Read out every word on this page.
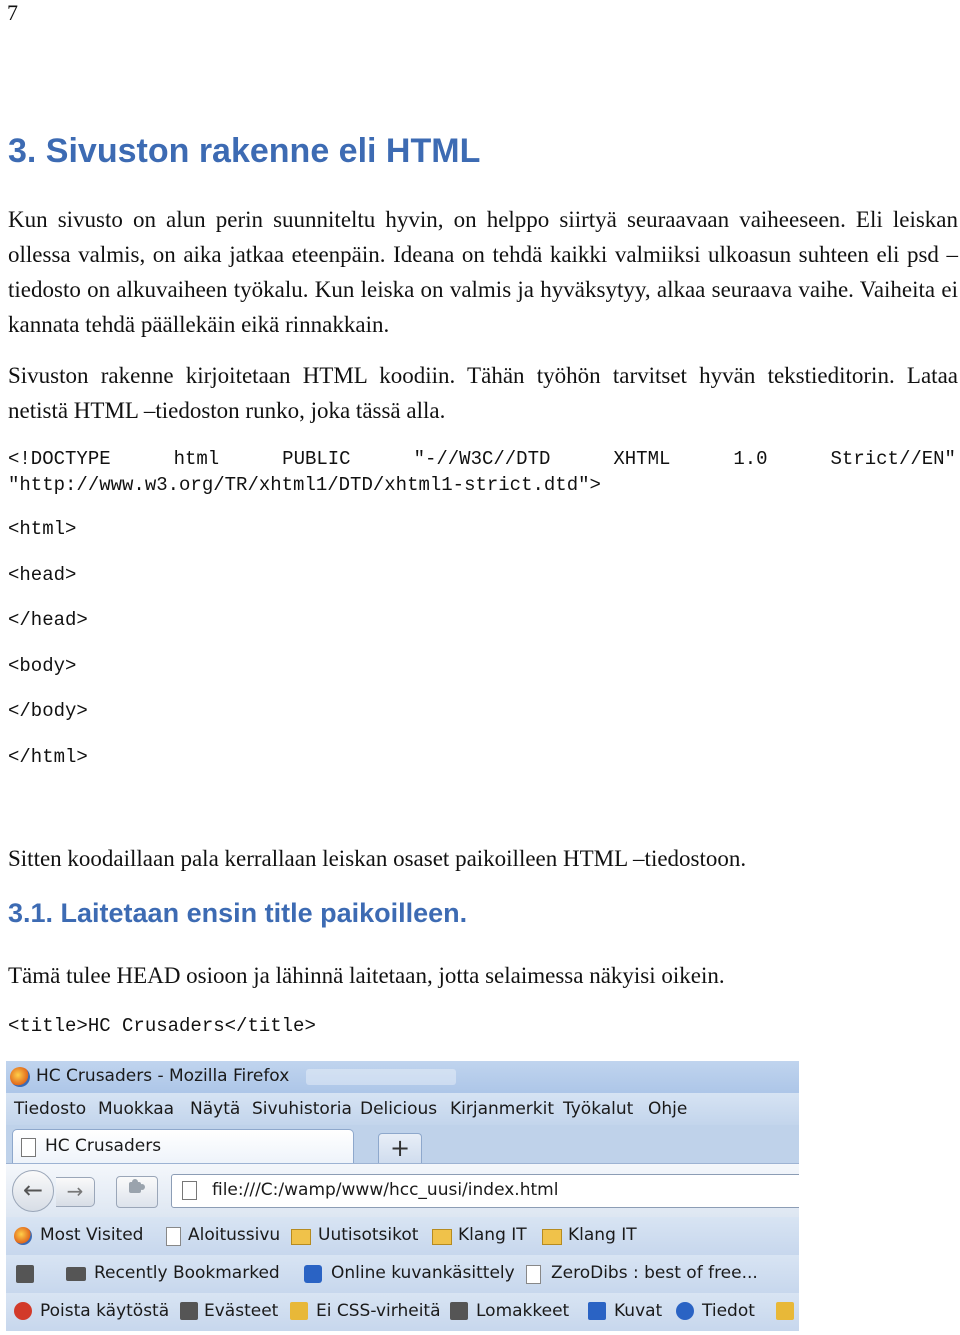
7
3. Sivuston rakenne eli HTML
Kun sivusto on alun perin suunniteltu hyvin, on helppo siirtyä seuraavaan vaiheeseen. Eli leiskan ollessa valmis, on aika jatkaa eteenpäin. Ideana on tehdä kaikki valmiiksi ulkoasun suhteen eli psd –tiedosto on alkuvaiheen työkalu. Kun leiska on valmis ja hyväksytyy, alkaa seuraava vaihe. Vaiheita ei kannata tehdä päällekäin eikä rinnakkain.
Sivuston rakenne kirjoitetaan HTML koodiin. Tähän työhön tarvitset hyvän tekstieditorin. Lataa netistä HTML –tiedoston runko, joka tässä alla.
<!DOCTYPE	html	PUBLIC	"-//W3C//DTD	XHTML	1.0	Strict//EN"
"http://www.w3.org/TR/xhtml1/DTD/xhtml1-strict.dtd">
<html>
<head>
</head>
<body>
</body>
</html>
Sitten koodaillaan pala kerrallaan leiskan osaset paikoilleen HTML –tiedostoon.
3.1. Laitetaan ensin title paikoilleen.
Tämä tulee HEAD osioon ja lähinnä laitetaan, jotta selaimessa näkyisi oikein.
<title>HC Crusaders</title>
HC Crusaders - Mozilla Firefox
Tiedosto Muokkaa Näytä Sivuhistoria Delicious Kirjanmerkit Työkalut Ohje
HC Crusaders	+
←	→	file:///C:/wamp/www/hcc_uusi/index.html
Most Visited	Aloitussivu Uutisotsikot Klang IT Klang IT
Recently Bookmarked	Online kuvankäsittely ZeroDibs : best of free...
Poista käytöstä Evästeet Ei CSS-virheitä Lomakkeet	Kuvat Tiedot
